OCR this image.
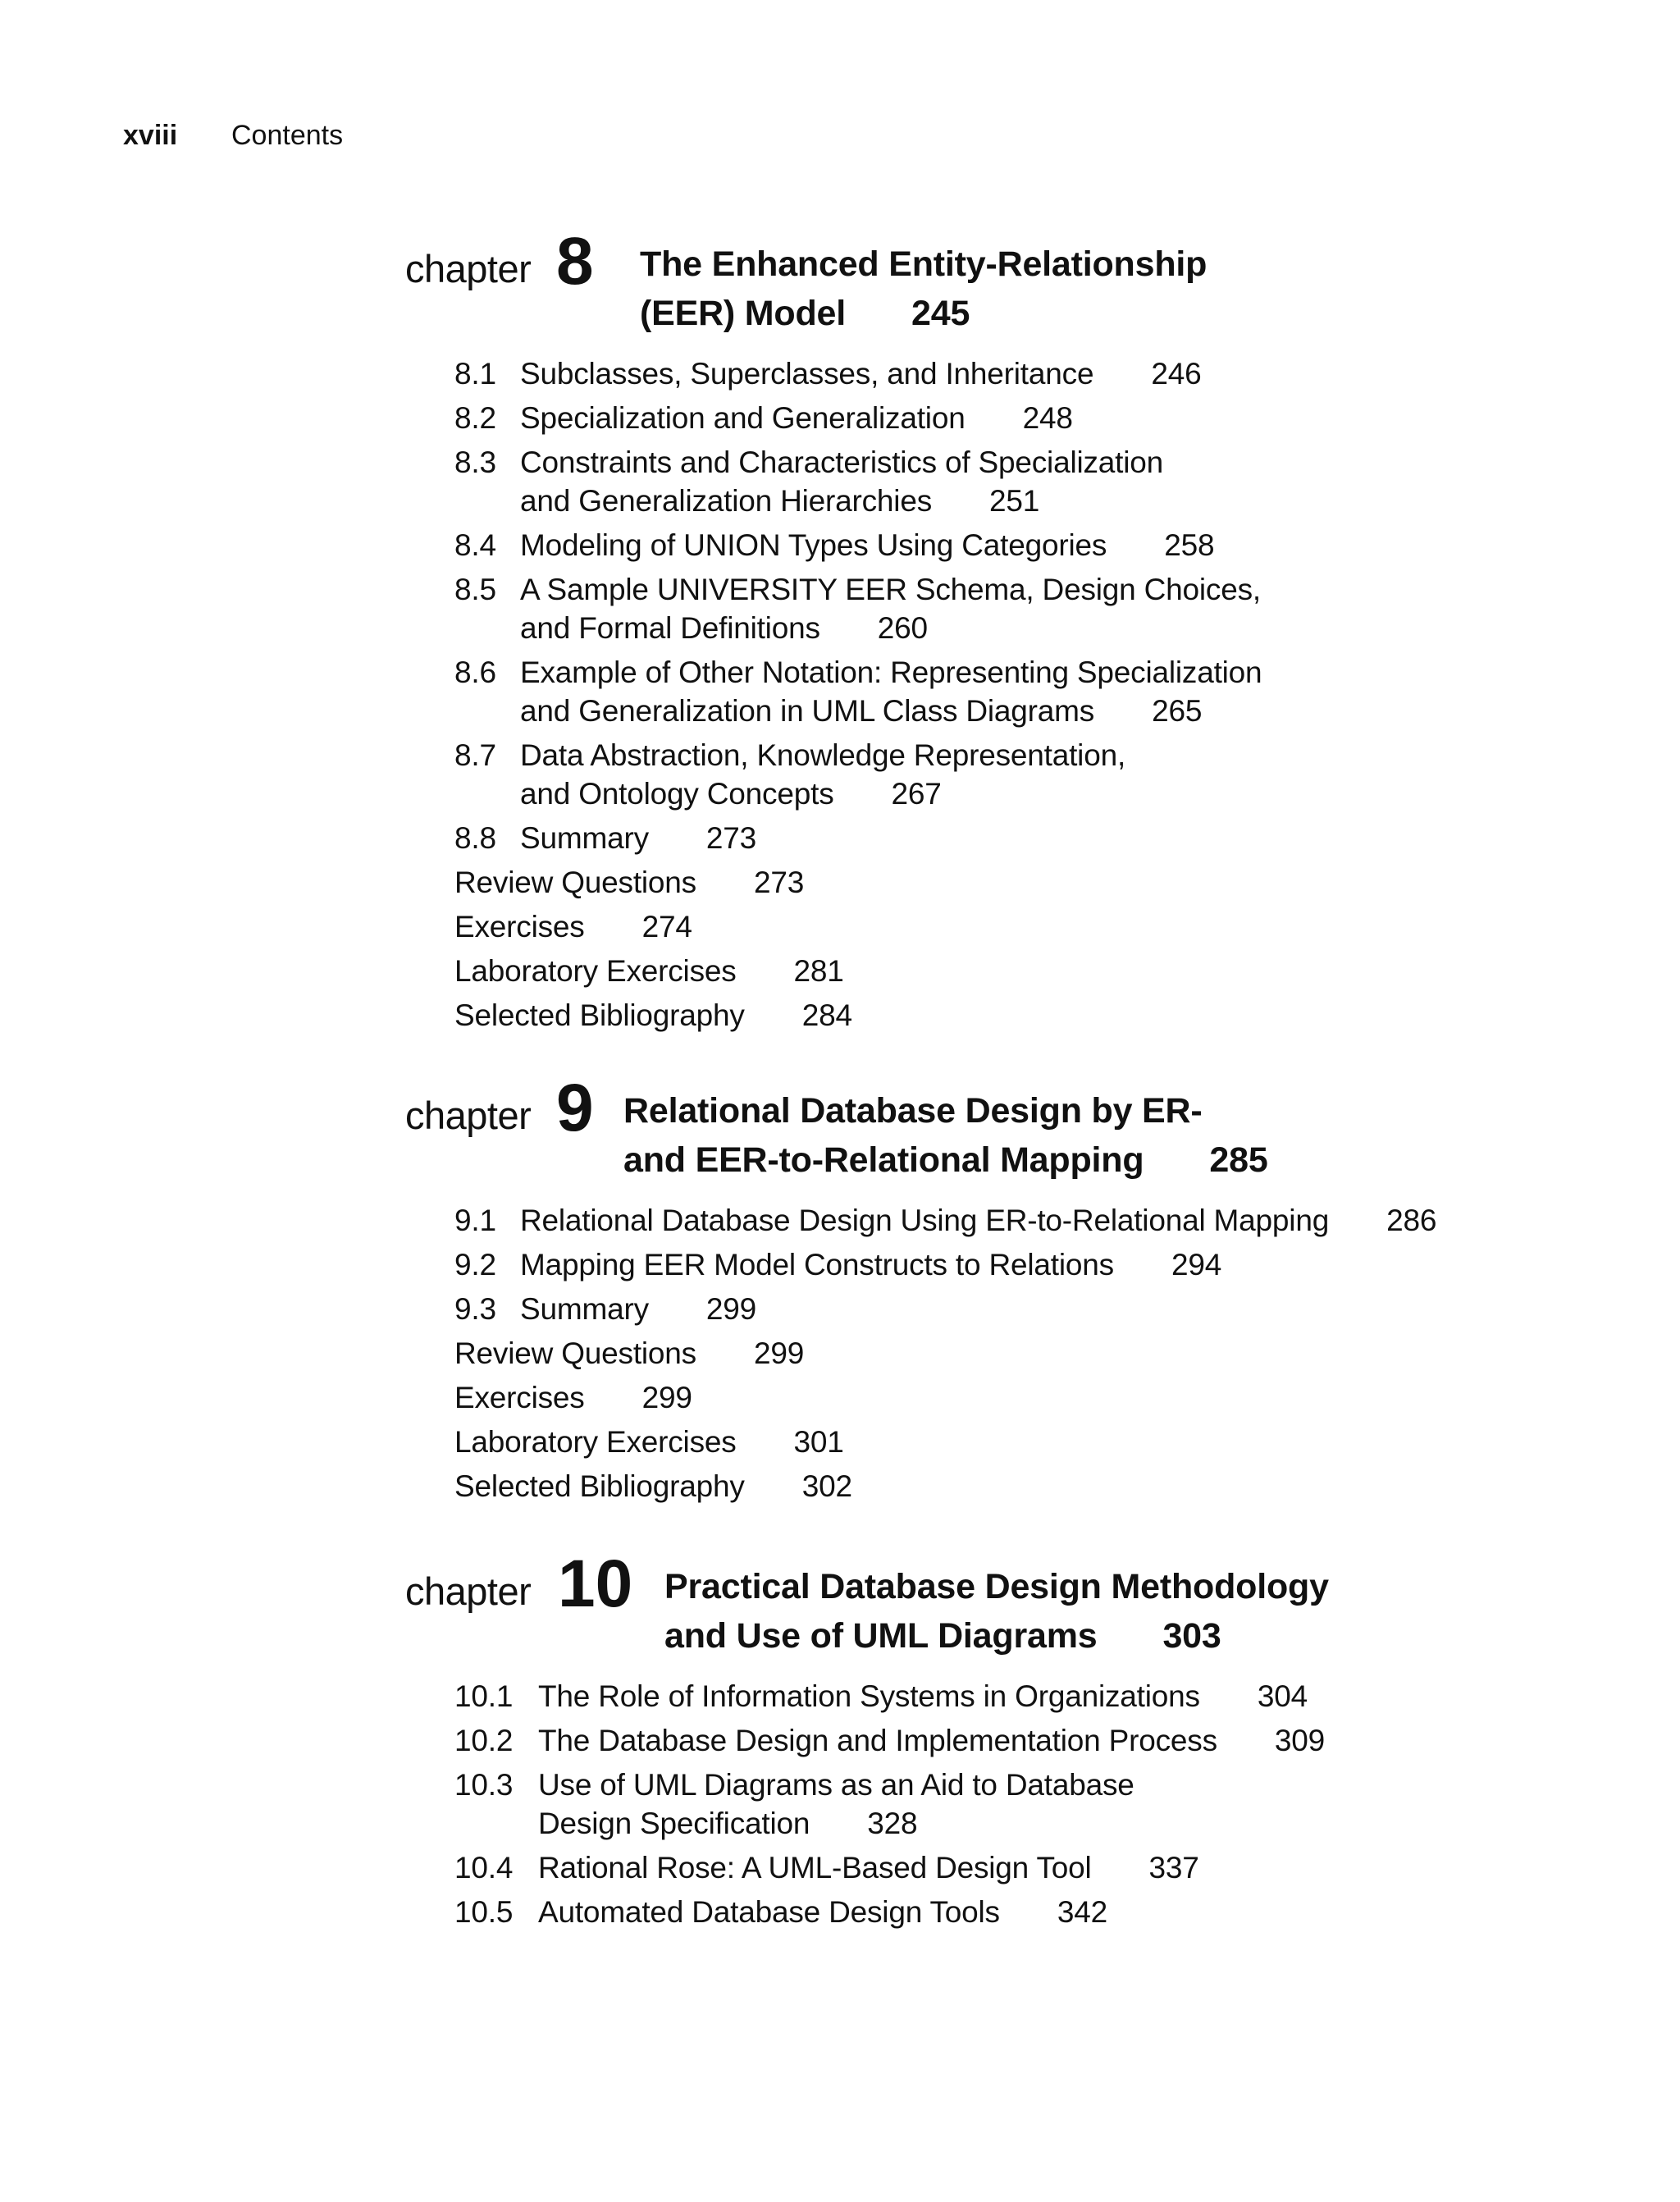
xviii	Contents
chapter 8 The Enhanced Entity-Relationship
(EER) Model 245
8.1 Subclasses, Superclasses, and Inheritance 246
8.2 Specialization and Generalization 248
8.3 Constraints and Characteristics of Specialization
and Generalization Hierarchies 251
8.4 Modeling of UNION Types Using Categories 258
8.5 A Sample UNIVERSITY EER Schema, Design Choices,
and Formal Definitions 260
8.6 Example of Other Notation: Representing Specialization
and Generalization in UML Class Diagrams 265
8.7 Data Abstraction, Knowledge Representation,
and Ontology Concepts 267
8.8 Summary 273
Review Questions 273
Exercises 274
Laboratory Exercises 281
Selected Bibliography 284
chapter 9 Relational Database Design by ER-
and EER-to-Relational Mapping 285
9.1 Relational Database Design Using ER-to-Relational Mapping 286
9.2 Mapping EER Model Constructs to Relations 294
9.3 Summary 299
Review Questions 299
Exercises 299
Laboratory Exercises 301
Selected Bibliography 302
chapter 10 Practical Database Design Methodology
and Use of UML Diagrams 303
10.1 The Role of Information Systems in Organizations 304
10.2 The Database Design and Implementation Process 309
10.3 Use of UML Diagrams as an Aid to Database
Design Specification 328
10.4 Rational Rose: A UML-Based Design Tool 337
10.5 Automated Database Design Tools 342
